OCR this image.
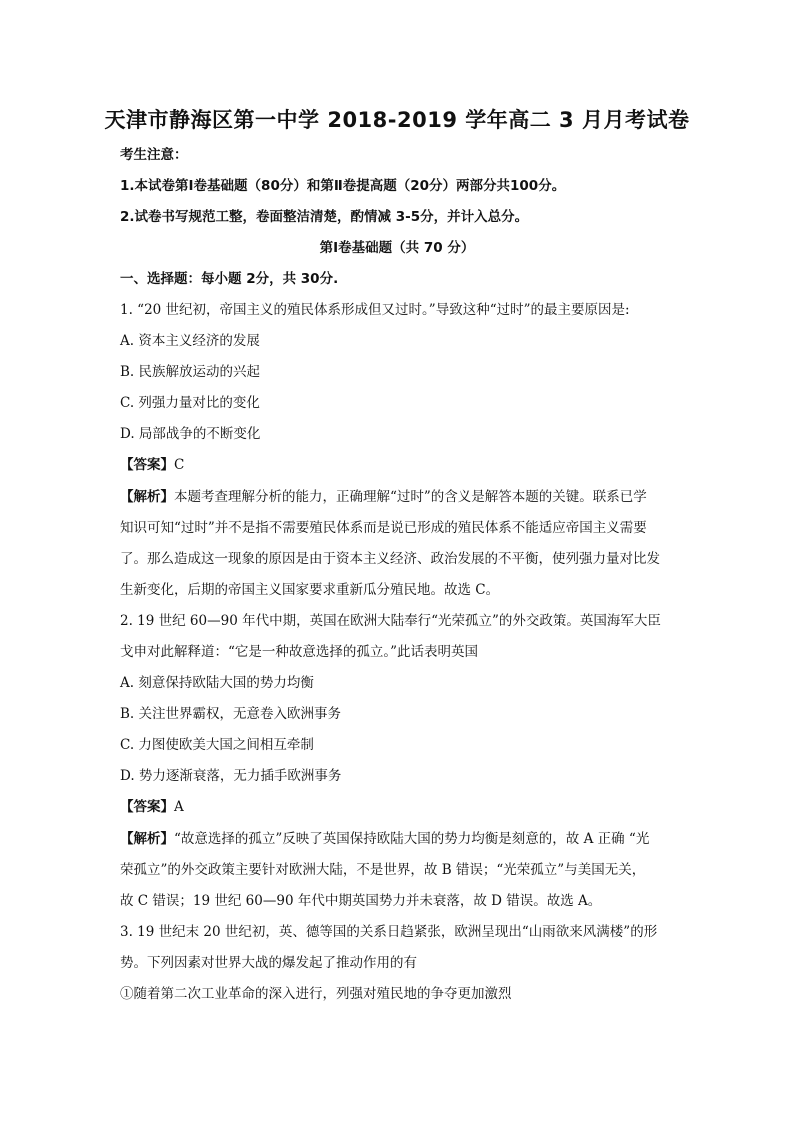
天津市静海区第一中学 2018-2019 学年高二 3 月月考试卷
考生注意：
1.本试卷第Ⅰ卷基础题（80分）和第Ⅱ卷提高题（20分）两部分共100分。
2.试卷书写规范工整，卷面整洁清楚，酌情减 3-5分，并计入总分。
第Ⅰ卷基础题（共 70 分）
一、选择题：每小题 2分，共 30分.
1. “20 世纪初，帝国主义的殖民体系形成但又过时。”导致这种“过时”的最主要原因是:
A. 资本主义经济的发展
B. 民族解放运动的兴起
C. 列强力量对比的变化
D. 局部战争的不断变化
【答案】C
【解析】本题考查理解分析的能力，正确理解“过时”的含义是解答本题的关键。联系已学
知识可知“过时”并不是指不需要殖民体系而是说已形成的殖民体系不能适应帝国主义需要
了。那么造成这一现象的原因是由于资本主义经济、政治发展的不平衡，使列强力量对比发
生新变化，后期的帝国主义国家要求重新瓜分殖民地。故选 C。
2. 19 世纪 60—90 年代中期，英国在欧洲大陆奉行“光荣孤立”的外交政策。英国海军大臣
戈申对此解释道：“它是一种故意选择的孤立。”此话表明英国
A. 刻意保持欧陆大国的势力均衡
B. 关注世界霸权，无意卷入欧洲事务
C. 力图使欧美大国之间相互牵制
D. 势力逐渐衰落，无力插手欧洲事务
【答案】A
【解析】“故意选择的孤立”反映了英国保持欧陆大国的势力均衡是刻意的，故 A 正确 “光
荣孤立”的外交政策主要针对欧洲大陆，不是世界，故 B 错误；“光荣孤立”与美国无关，
故 C 错误；19 世纪 60—90 年代中期英国势力并未衰落，故 D 错误。故选 A。
3. 19 世纪末 20 世纪初，英、德等国的关系日趋紧张，欧洲呈现出“山雨欲来风满楼”的形
势。下列因素对世界大战的爆发起了推动作用的有
①随着第二次工业革命的深入进行，列强对殖民地的争夺更加激烈
